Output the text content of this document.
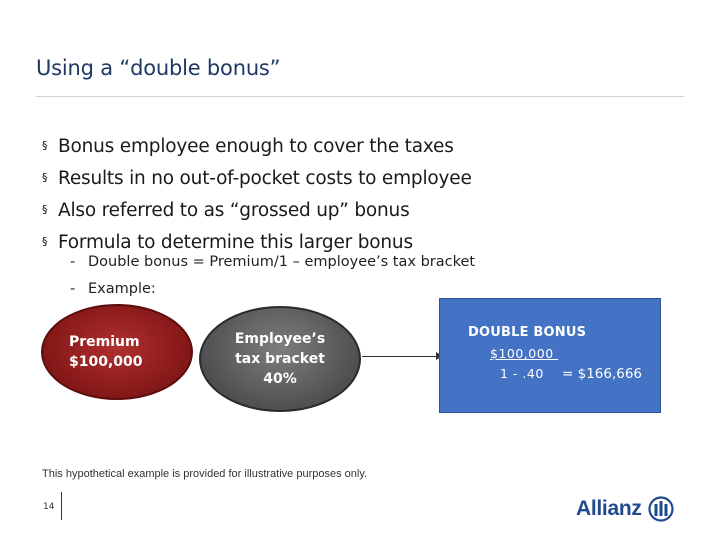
Using a “double bonus”
§ Bonus employee enough to cover the taxes
§ Results in no out-of-pocket costs to employee
§ Also referred to as “grossed up” bonus
§ Formula to determine this larger bonus
- Double bonus = Premium/1 – employee’s tax bracket
- Example:
Premium
$100,000
Employee’s
tax bracket
40%
DOUBLE BONUS
$100,000
1 - .40 = $166,666
This hypothetical example is provided for illustrative purposes only.
14	Allianz
